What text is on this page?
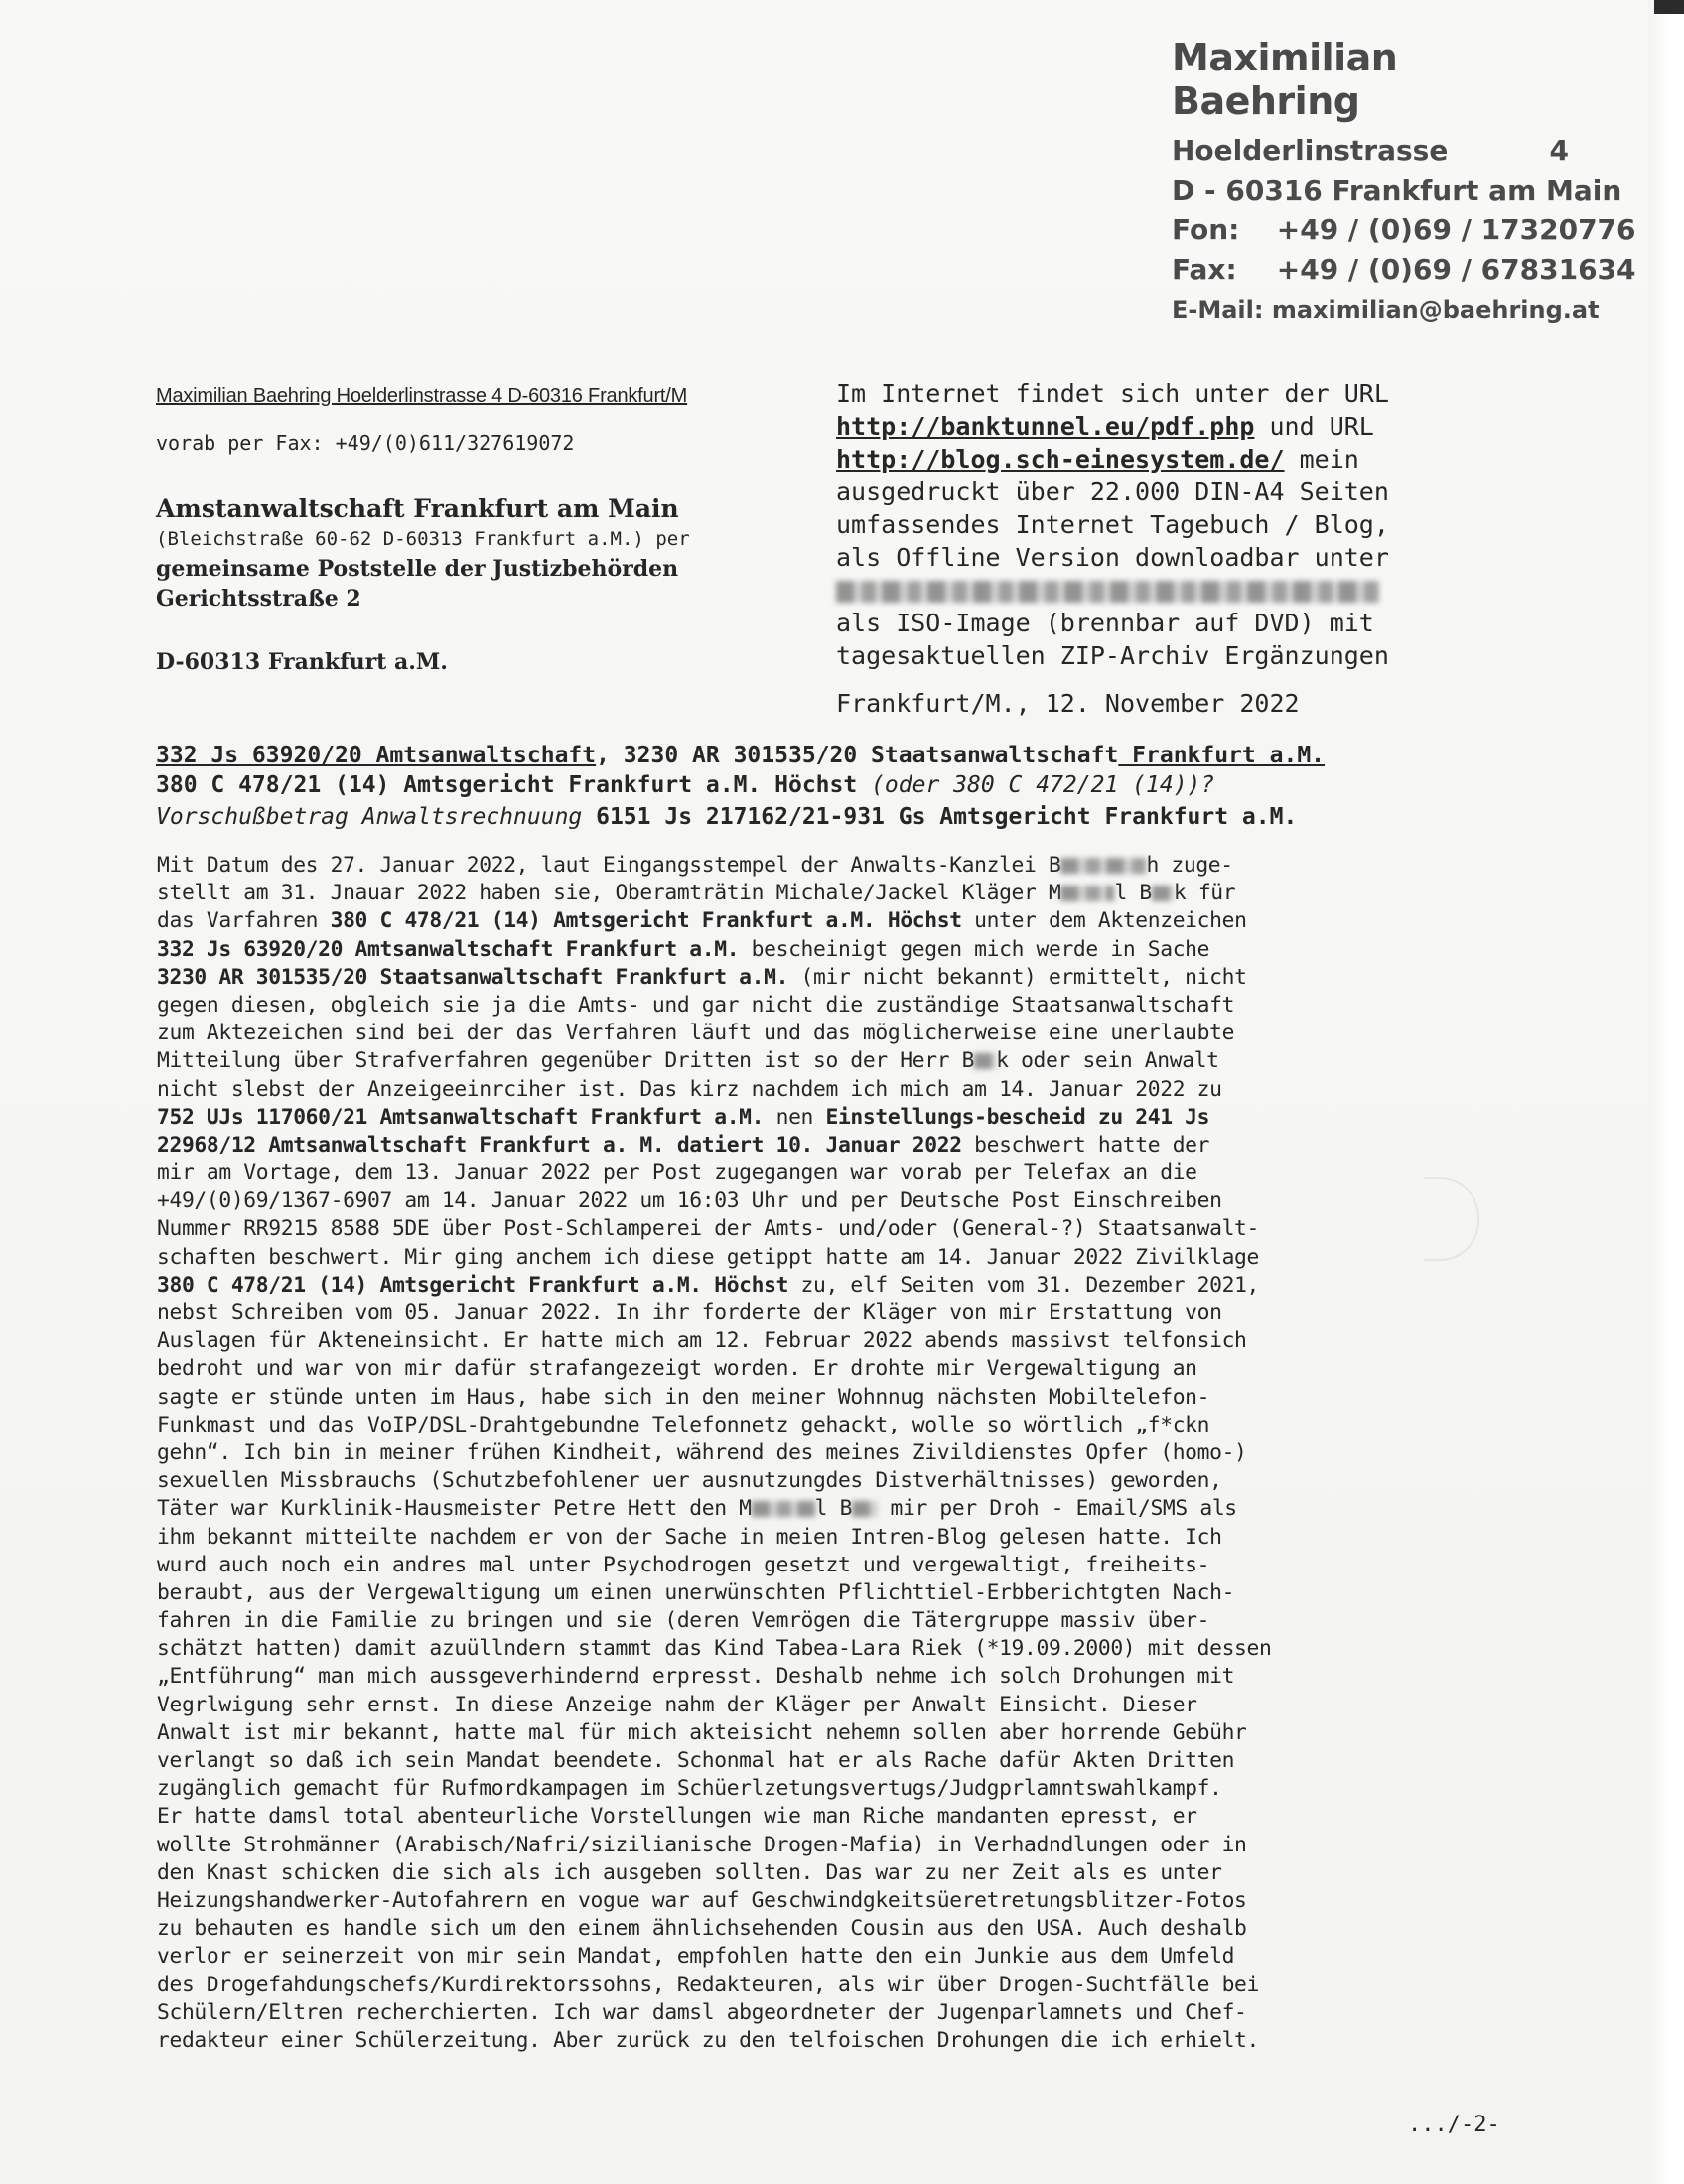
Maximilian Baehring
Hoelderlinstrasse	4
D - 60316 Frankfurt am Main
Fon: +49 / (0)69 / 17320776
Fax: +49 / (0)69 / 67831634
E-Mail: maximilian@baehring.at
Maximilian Baehring Hoelderlinstrasse 4 D-60316 Frankfurt/M
vorab per Fax: +49/(0)611/327619072
Amstanwaltschaft Frankfurt am Main
(Bleichstraße 60-62 D-60313 Frankfurt a.M.) per
gemeinsame Poststelle der Justizbehörden
Gerichtsstraße 2
D-60313 Frankfurt a.M.
Im Internet findet sich unter der URL
http://banktunnel.eu/pdf.php und URL
http://blog.sch-einesystem.de/ mein
ausgedruckt über 22.000 DIN-A4 Seiten
umfassendes Internet Tagebuch / Blog,
als Offline Version downloadbar unter
als ISO-Image (brennbar auf DVD) mit
tagesaktuellen ZIP-Archiv Ergänzungen
Frankfurt/M., 12. November 2022
332 Js 63920/20 Amtsanwaltschaft, 3230 AR 301535/20 Staatsanwaltschaft Frankfurt a.M.
380 C 478/21 (14) Amtsgericht Frankfurt a.M. Höchst (oder 380 C 472/21 (14))?
Vorschußbetrag Anwaltsrechnuung 6151 Js 217162/21-931 Gs Amtsgericht Frankfurt a.M.

Mit Datum des 27. Januar 2022, laut Eingangsstempel der Anwalts-Kanzlei B	h zuge-

stellt am 31. Jnauar 2022 haben sie, Oberamträtin Michale/Jackel Kläger M	l B k für

das Varfahren 380 C 478/21 (14) Amtsgericht Frankfurt a.M. Höchst unter dem Aktenzeichen

332 Js 63920/20 Amtsanwaltschaft Frankfurt a.M. bescheinigt gegen mich werde in Sache

3230 AR 301535/20 Staatsanwaltschaft Frankfurt a.M. (mir nicht bekannt) ermittelt, nicht

gegen diesen, obgleich sie ja die Amts- und gar nicht die zuständige Staatsanwaltschaft

zum Aktezeichen sind bei der das Verfahren läuft und das möglicherweise eine unerlaubte

Mitteilung über Strafverfahren gegenüber Dritten ist so der Herr B k oder sein Anwalt

nicht slebst der Anzeigeeinrciher ist. Das kirz nachdem ich mich am 14. Januar 2022 zu

752 UJs 117060/21 Amtsanwaltschaft Frankfurt a.M. nen Einstellungs-bescheid zu 241 Js

22968/12 Amtsanwaltschaft Frankfurt a. M. datiert 10. Januar 2022 beschwert hatte der

mir am Vortage, dem 13. Januar 2022 per Post zugegangen war vorab per Telefax an die

+49/(0)69/1367-6907 am 14. Januar 2022 um 16:03 Uhr und per Deutsche Post Einschreiben

Nummer RR9215 8588 5DE über Post-Schlamperei der Amts- und/oder (General-?) Staatsanwalt-

schaften beschwert. Mir ging anchem ich diese getippt hatte am 14. Januar 2022 Zivilklage

380 C 478/21 (14) Amtsgericht Frankfurt a.M. Höchst zu, elf Seiten vom 31. Dezember 2021,

nebst Schreiben vom 05. Januar 2022. In ihr forderte der Kläger von mir Erstattung von

Auslagen für Akteneinsicht. Er hatte mich am 12. Februar 2022 abends massivst telfonsich

bedroht und war von mir dafür strafangezeigt worden. Er drohte mir Vergewaltigung an

sagte er stünde unten im Haus, habe sich in den meiner Wohnnug nächsten Mobiltelefon-

Funkmast und das VoIP/DSL-Drahtgebundne Telefonnetz gehackt, wolle so wörtlich „f*ckn

gehn“. Ich bin in meiner frühen Kindheit, während des meines Zivildienstes Opfer (homo-)

sexuellen Missbrauchs (Schutzbefohlener uer ausnutzungdes Distverhältnisses) geworden,

Täter war Kurklinik-Hausmeister Petre Hett den M	l B mir per Droh - Email/SMS als

ihm bekannt mitteilte nachdem er von der Sache in meien Intren-Blog gelesen hatte. Ich

wurd auch noch ein andres mal unter Psychodrogen gesetzt und vergewaltigt, freiheits-

beraubt, aus der Vergewaltigung um einen unerwünschten Pflichttiel-Erbberichtgten Nach-

fahren in die Familie zu bringen und sie (deren Vemrögen die Tätergruppe massiv über-

schätzt hatten) damit azuüllndern stammt das Kind Tabea-Lara Riek (*19.09.2000) mit dessen

„Entführung“ man mich aussgeverhindernd erpresst. Deshalb nehme ich solch Drohungen mit

Vegrlwigung sehr ernst. In diese Anzeige nahm der Kläger per Anwalt Einsicht. Dieser

Anwalt ist mir bekannt, hatte mal für mich akteisicht nehemn sollen aber horrende Gebühr

verlangt so daß ich sein Mandat beendete. Schonmal hat er als Rache dafür Akten Dritten

zugänglich gemacht für Rufmordkampagen im Schüerlzetungsvertugs/Judgprlamntswahlkampf.

Er hatte damsl total abenteurliche Vorstellungen wie man Riche mandanten epresst, er

wollte Strohmänner (Arabisch/Nafri/sizilianische Drogen-Mafia) in Verhadndlungen oder in

den Knast schicken die sich als ich ausgeben sollten. Das war zu ner Zeit als es unter

Heizungshandwerker-Autofahrern en vogue war auf Geschwindgkeitsüeretretungsblitzer-Fotos

zu behauten es handle sich um den einem ähnlichsehenden Cousin aus den USA. Auch deshalb

verlor er seinerzeit von mir sein Mandat, empfohlen hatte den ein Junkie aus dem Umfeld

des Drogefahdungschefs/Kurdirektorssohns, Redakteuren, als wir über Drogen-Suchtfälle bei

Schülern/Eltren recherchierten. Ich war damsl abgeordneter der Jugenparlamnets und Chef-

redakteur einer Schülerzeitung. Aber zurück zu den telfoischen Drohungen die ich erhielt.

.../-2-
